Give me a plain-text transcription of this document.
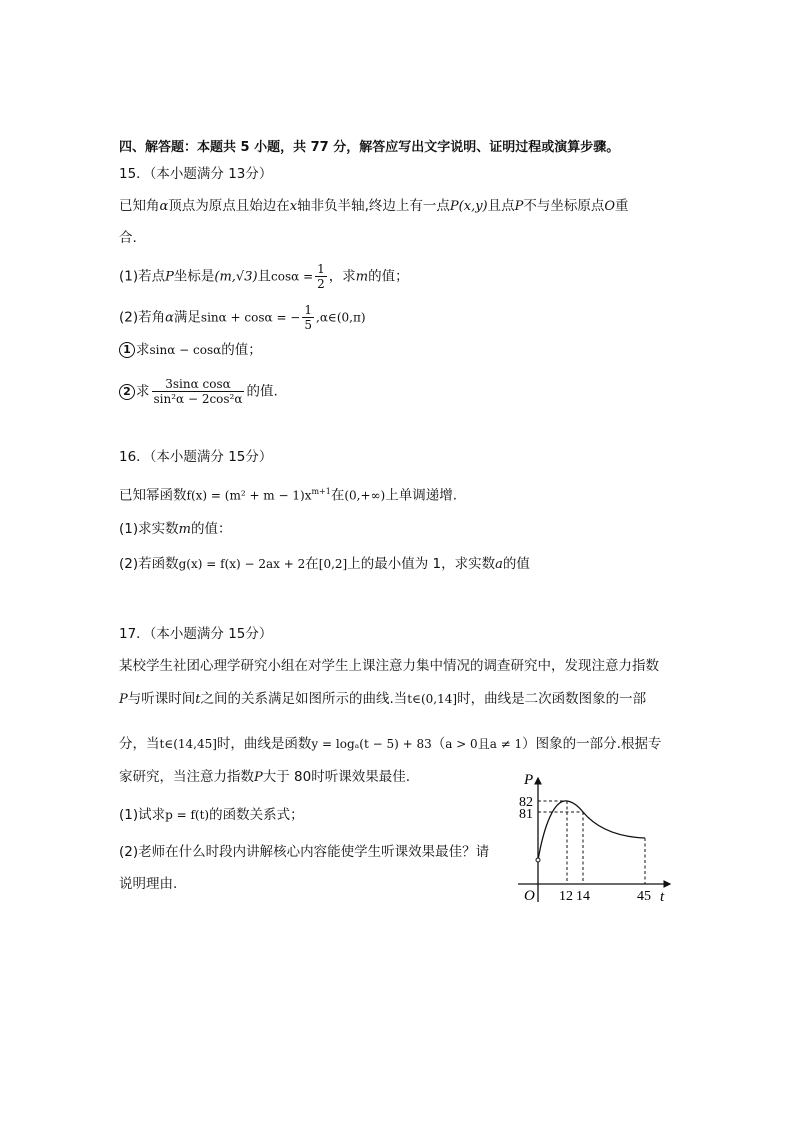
四、解答题：本题共 5 小题，共 77 分，解答应写出文字说明、证明过程或演算步骤。
15．（本小题满分 13分）
已知角α顶点为原点且始边在x轴非负半轴,终边上有一点P(x,y)且点P不与坐标原点O重
合.
(1)若点P坐标是(m,√3)且$\cos\alpha = \frac{1}{2}$ ，求m的值；
(2)若角α满足sinα + cosα = − $\frac{1}{5}$ ,α∈(0,π)
1 求sinα − cosα的值；
2 求 $\frac{\text{3sinα cosα}}{\text{sin²α − 2cos²α}}$ 的值.
16．（本小题满分 15分）
已知幂函数$f(x) = (m^2 + m - 1)x^{m+1}$在(0,+∞)上单调递增.
(1)求实数m的值：
(2)若函数g(x) = f(x) − 2ax + 2在[0,2]上的最小值为 1，求实数a的值
17．（本小题满分 15分）
某校学生社团心理学研究小组在对学生上课注意力集中情况的调查研究中，发现注意力指数
P与听课时间t之间的关系满足如图所示的曲线.当t∈(0,14]时，曲线是二次函数图象的一部
分，当t∈(14,45]时，曲线是函数y = logₐ(t − 5) + 83（a > 0且a ≠ 1）图象的一部分.根据专
家研究，当注意力指数P大于 80时听课效果最佳.
(1)试求p = f(t)的函数关系式；
(2)老师在什么时段内讲解核心内容能使学生听课效果最佳？请
说明理由.
P
t
O
82
81
12 14	45
